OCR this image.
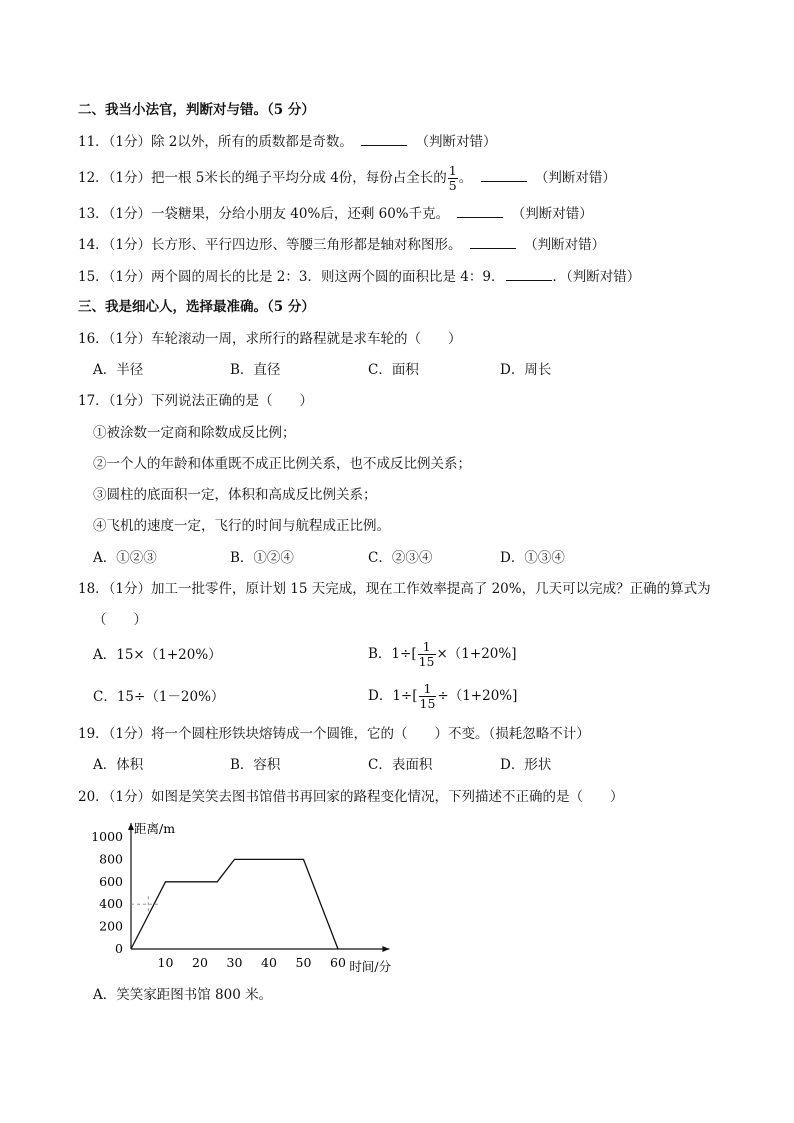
二、我当小法官，判断对与错。（5 分）
11．（1分）除 2以外，所有的质数都是奇数。	（判断对错）
12．（1分）把一根 5米长的绳子平均分成 4份，每份占全长的 $\frac{1}{5}$ 。	（判断对错）
13．（1分）一袋糖果，分给小朋友 40%后，还剩 60%千克。	（判断对错）
14．（1分）长方形、平行四边形、等腰三角形都是轴对称图形。	（判断对错）
15．（1分）两个圆的周长的比是 2：3．则这两个圆的面积比是 4：9．	．（判断对错）
三、我是细心人，选择最准确。（5 分）
16．（1分）车轮滚动一周，求所行的路程就是求车轮的（　　）
A．半径	B．直径	C．面积	D．周长
17．（1分）下列说法正确的是（　　）
①被涂数一定商和除数成反比例；
②一个人的年龄和体重既不成正比例关系，也不成反比例关系；
③圆柱的底面积一定，体积和高成反比例关系；
④飞机的速度一定，飞行的时间与航程成正比例。
A．①②③	B．①②④	C．②③④	D．①③④
18．（1分）加工一批零件，原计划 15 天完成，现在工作效率提高了 20%，几天可以完成？正确的算式为
（　　）
A．15×（1+20%）	B．$1\div[ \frac{1}{15} \times(1+20\%]$
C．15÷（1－20%）	D．$1\div[ \frac{1}{15} \div(1+20\%]$
19．（1分）将一个圆柱形铁块熔铸成一个圆锥，它的（　　）不变。（损耗忽略不计）
A．体积	B．容积	C．表面积	D．形状
20．（1分）如图是笑笑去图书馆借书再回家的路程变化情况，下列描述不正确的是（　　）
距离/m
时间/分
0
200
400
600
800
1000
10 20 30 40 50 60
A．笑笑家距图书馆 800 米。
